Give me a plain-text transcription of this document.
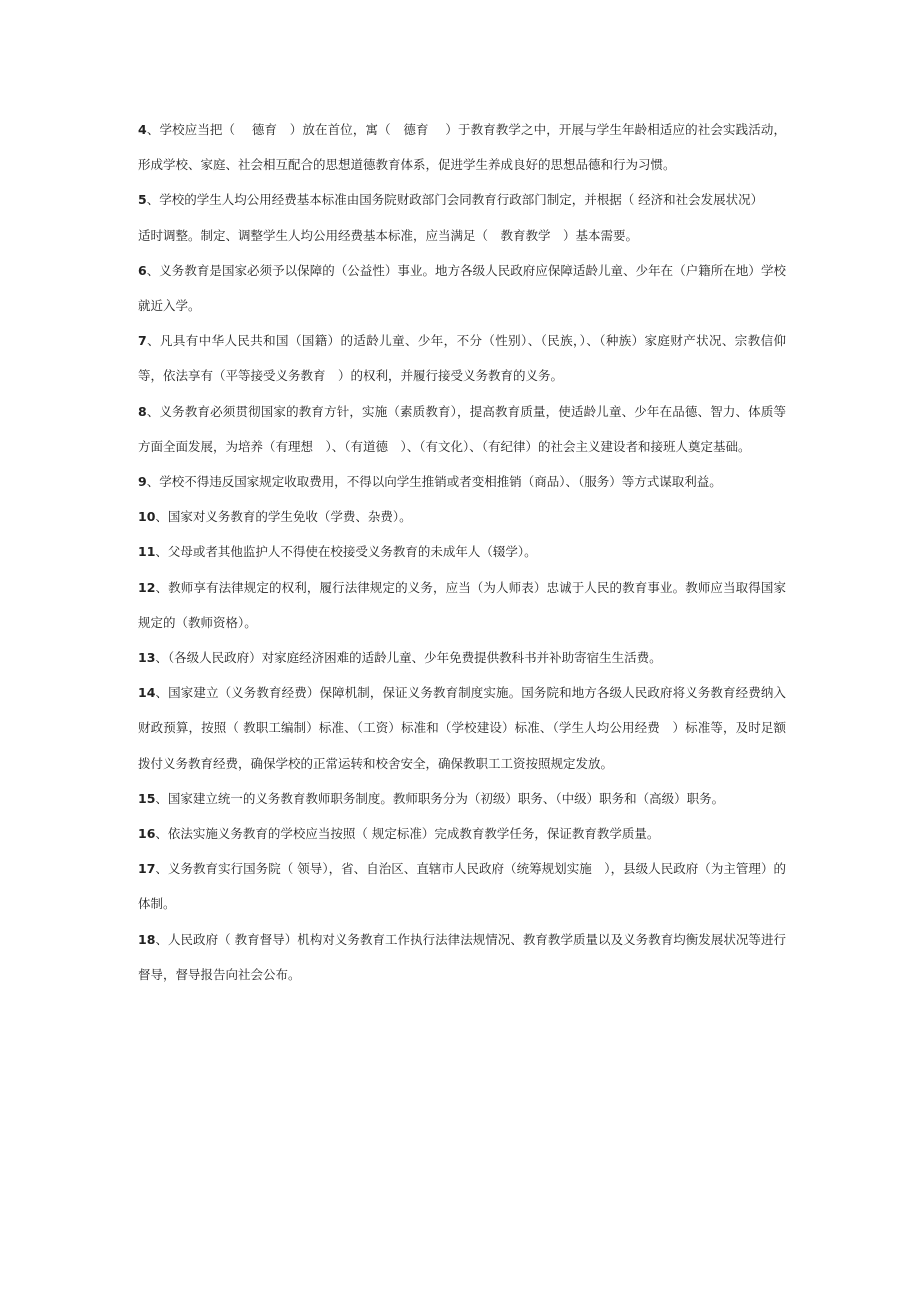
4、学校应当把（　 德育　）放在首位，寓（　德育　 ）于教育教学之中，开展与学生年龄相适应的社会实践活动，形成学校、家庭、社会相互配合的思想道德教育体系，促进学生养成良好的思想品德和行为习惯。

5、学校的学生人均公用经费基本标准由国务院财政部门会同教育行政部门制定，并根据（ 经济和社会发展状况）

适时调整。制定、调整学生人均公用经费基本标准，应当满足（　教育教学　）基本需要。

6、义务教育是国家必须予以保障的（公益性）事业。地方各级人民政府应保障适龄儿童、少年在（户籍所在地）学校就近入学。

7、凡具有中华人民共和国（国籍）的适龄儿童、少年，不分（性别）、（民族，）、（种族）家庭财产状况、宗教信仰等，依法享有（平等接受义务教育　）的权利，并履行接受义务教育的义务。

8、义务教育必须贯彻国家的教育方针，实施（素质教育），提高教育质量，使适龄儿童、少年在品德、智力、体质等方面全面发展，为培养（有理想　）、（有道德　）、（有文化）、（有纪律）的社会主义建设者和接班人奠定基础。

9、学校不得违反国家规定收取费用，不得以向学生推销或者变相推销（商品）、（服务）等方式谋取利益。

10、国家对义务教育的学生免收（学费、杂费）。

11、父母或者其他监护人不得使在校接受义务教育的未成年人（辍学）。

12、教师享有法律规定的权利，履行法律规定的义务，应当（为人师表）忠诚于人民的教育事业。教师应当取得国家规定的（教师资格）。

13、（各级人民政府）对家庭经济困难的适龄儿童、少年免费提供教科书并补助寄宿生生活费。

14、国家建立（义务教育经费）保障机制，保证义务教育制度实施。国务院和地方各级人民政府将义务教育经费纳入财政预算，按照（ 教职工编制）标准、（工资）标准和（学校建设）标准、（学生人均公用经费　）标准等，及时足额拨付义务教育经费，确保学校的正常运转和校舍安全，确保教职工工资按照规定发放。

15、国家建立统一的义务教育教师职务制度。教师职务分为（初级）职务、（中级）职务和（高级）职务。

16、依法实施义务教育的学校应当按照（ 规定标准）完成教育教学任务，保证教育教学质量。

17、义务教育实行国务院（ 领导），省、自治区、直辖市人民政府（统筹规划实施　），县级人民政府（为主管理）的体制。

18、人民政府（ 教育督导）机构对义务教育工作执行法律法规情况、教育教学质量以及义务教育均衡发展状况等进行督导，督导报告向社会公布。
